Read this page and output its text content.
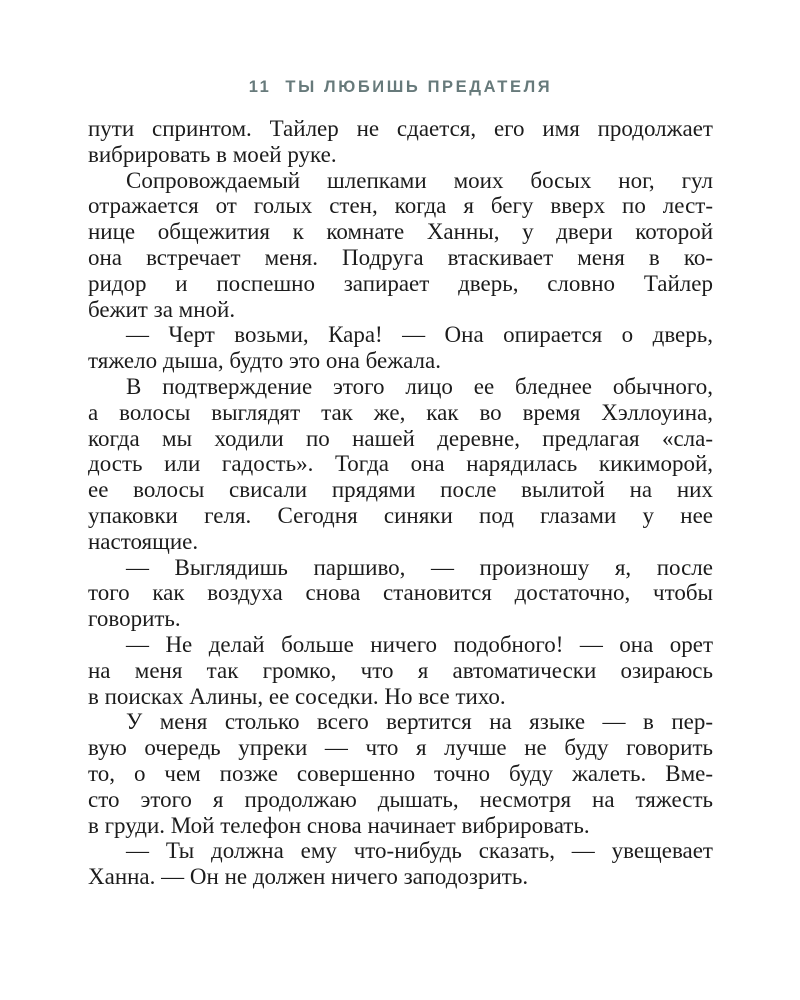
11 ТЫ ЛЮБИШЬ ПРЕДАТЕЛЯ
пути спринтом. Тайлер не сдается, его имя продолжает
вибрировать в моей руке.
Сопровождаемый шлепками моих босых ног, гул
отражается от голых стен, когда я бегу вверх по лест-
нице общежития к комнате Ханны, у двери которой
она встречает меня. Подруга втаскивает меня в ко-
ридор и поспешно запирает дверь, словно Тайлер
бежит за мной.
— Черт возьми, Кара! — Она опирается о дверь,
тяжело дыша, будто это она бежала.
В подтверждение этого лицо ее бледнее обычного,
а волосы выглядят так же, как во время Хэллоуина,
когда мы ходили по нашей деревне, предлагая «сла-
дость или гадость». Тогда она нарядилась кикиморой,
ее волосы свисали прядями после вылитой на них
упаковки геля. Сегодня синяки под глазами у нее
настоящие.
— Выглядишь паршиво, — произношу я, после
того как воздуха снова становится достаточно, чтобы
говорить.
— Не делай больше ничего подобного! — она орет
на меня так громко, что я автоматически озираюсь
в поисках Алины, ее соседки. Но все тихо.
У меня столько всего вертится на языке — в пер-
вую очередь упреки — что я лучше не буду говорить
то, о чем позже совершенно точно буду жалеть. Вме-
сто этого я продолжаю дышать, несмотря на тяжесть
в груди. Мой телефон снова начинает вибрировать.
— Ты должна ему что-нибудь сказать, — увещевает
Ханна. — Он не должен ничего заподозрить.
